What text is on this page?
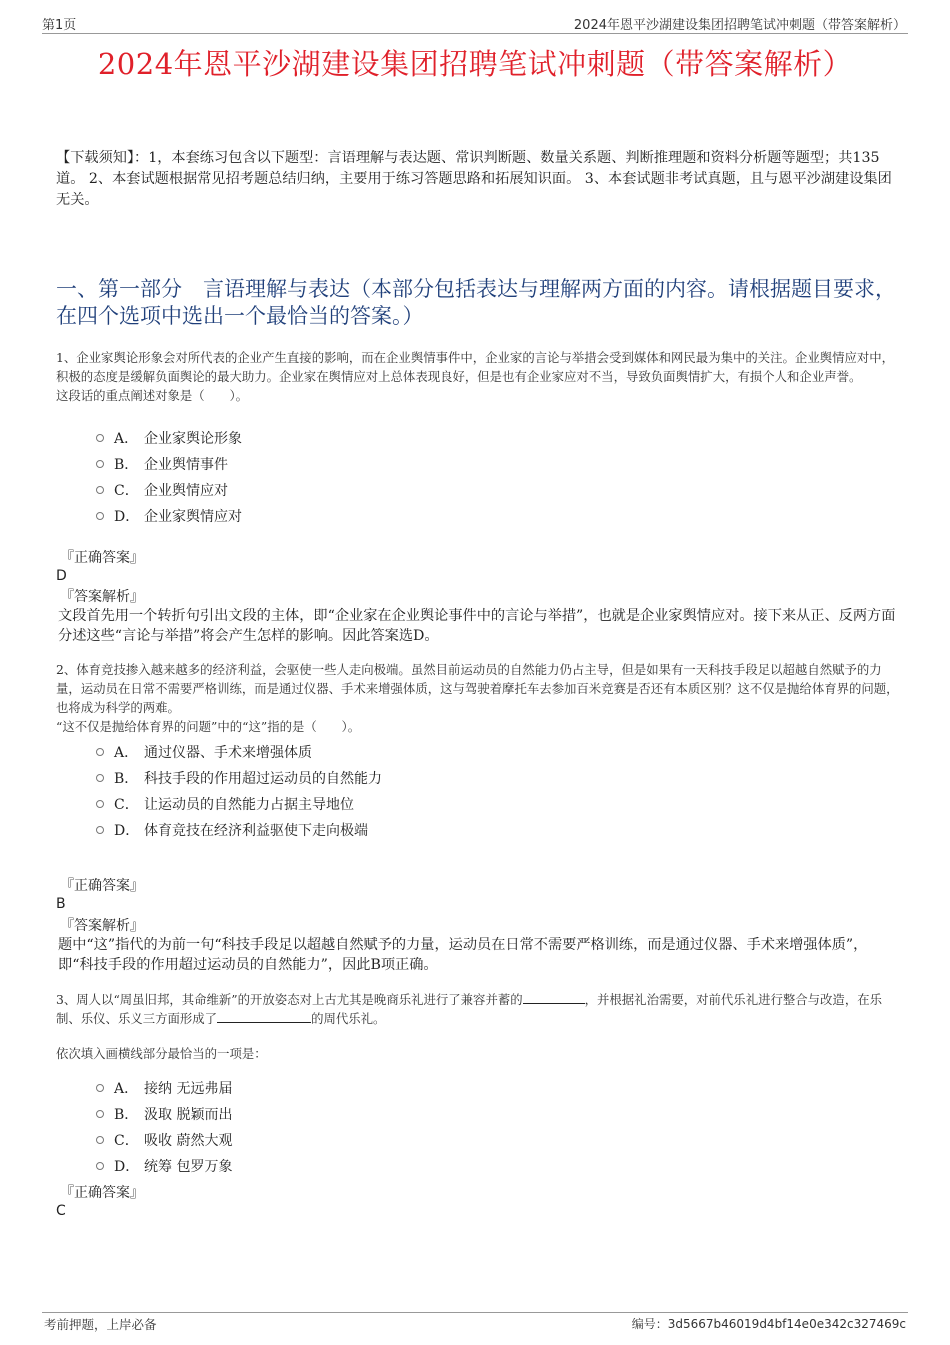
第1页	2024年恩平沙湖建设集团招聘笔试冲刺题（带答案解析）
2024年恩平沙湖建设集团招聘笔试冲刺题（带答案解析）
【下载须知】：1，本套练习包含以下题型：言语理解与表达题、常识判断题、数量关系题、判断推理题和资料分析题等题型；共135道。 2、本套试题根据常见招考题总结归纳，主要用于练习答题思路和拓展知识面。 3、本套试题非考试真题，且与恩平沙湖建设集团无关。
一、第一部分　言语理解与表达（本部分包括表达与理解两方面的内容。请根据题目要求，在四个选项中选出一个最恰当的答案。）
1、企业家舆论形象会对所代表的企业产生直接的影响，而在企业舆情事件中，企业家的言论与举措会受到媒体和网民最为集中的关注。企业舆情应对中，积极的态度是缓解负面舆论的最大助力。企业家在舆情应对上总体表现良好，但是也有企业家应对不当，导致负面舆情扩大，有损个人和企业声誉。
这段话的重点阐述对象是（　　）。
A． 企业家舆论形象
B． 企业舆情事件
C． 企业舆情应对
D． 企业家舆情应对
『正确答案』
D
『答案解析』
文段首先用一个转折句引出文段的主体，即“企业家在企业舆论事件中的言论与举措”，也就是企业家舆情应对。接下来从正、反两方面分述这些“言论与举措”将会产生怎样的影响。因此答案选D。
2、体育竞技掺入越来越多的经济利益，会驱使一些人走向极端。虽然目前运动员的自然能力仍占主导，但是如果有一天科技手段足以超越自然赋予的力量，运动员在日常不需要严格训练，而是通过仪器、手术来增强体质，这与驾驶着摩托车去参加百米竞赛是否还有本质区别？这不仅是抛给体育界的问题，也将成为科学的两难。
“这不仅是抛给体育界的问题”中的“这”指的是（　　）。
A． 通过仪器、手术来增强体质
B． 科技手段的作用超过运动员的自然能力
C． 让运动员的自然能力占据主导地位
D． 体育竞技在经济利益驱使下走向极端
『正确答案』
B
『答案解析』
题中“这”指代的为前一句“科技手段足以超越自然赋予的力量，运动员在日常不需要严格训练，而是通过仪器、手术来增强体质”，即“科技手段的作用超过运动员的自然能力”，因此B项正确。
3、周人以“周虽旧邦，其命维新”的开放姿态对上古尤其是晚商乐礼进行了兼容并蓄的	，并根据礼治需要，对前代乐礼进行整合与改造，在乐制、乐仪、乐义三方面形成了	的周代乐礼。
依次填入画横线部分最恰当的一项是：
A． 接纳 无远弗届
B． 汲取 脱颖而出
C． 吸收 蔚然大观
D． 统筹 包罗万象
『正确答案』
C
考前押题，上岸必备	编号：3d5667b46019d4bf14e0e342c327469c
